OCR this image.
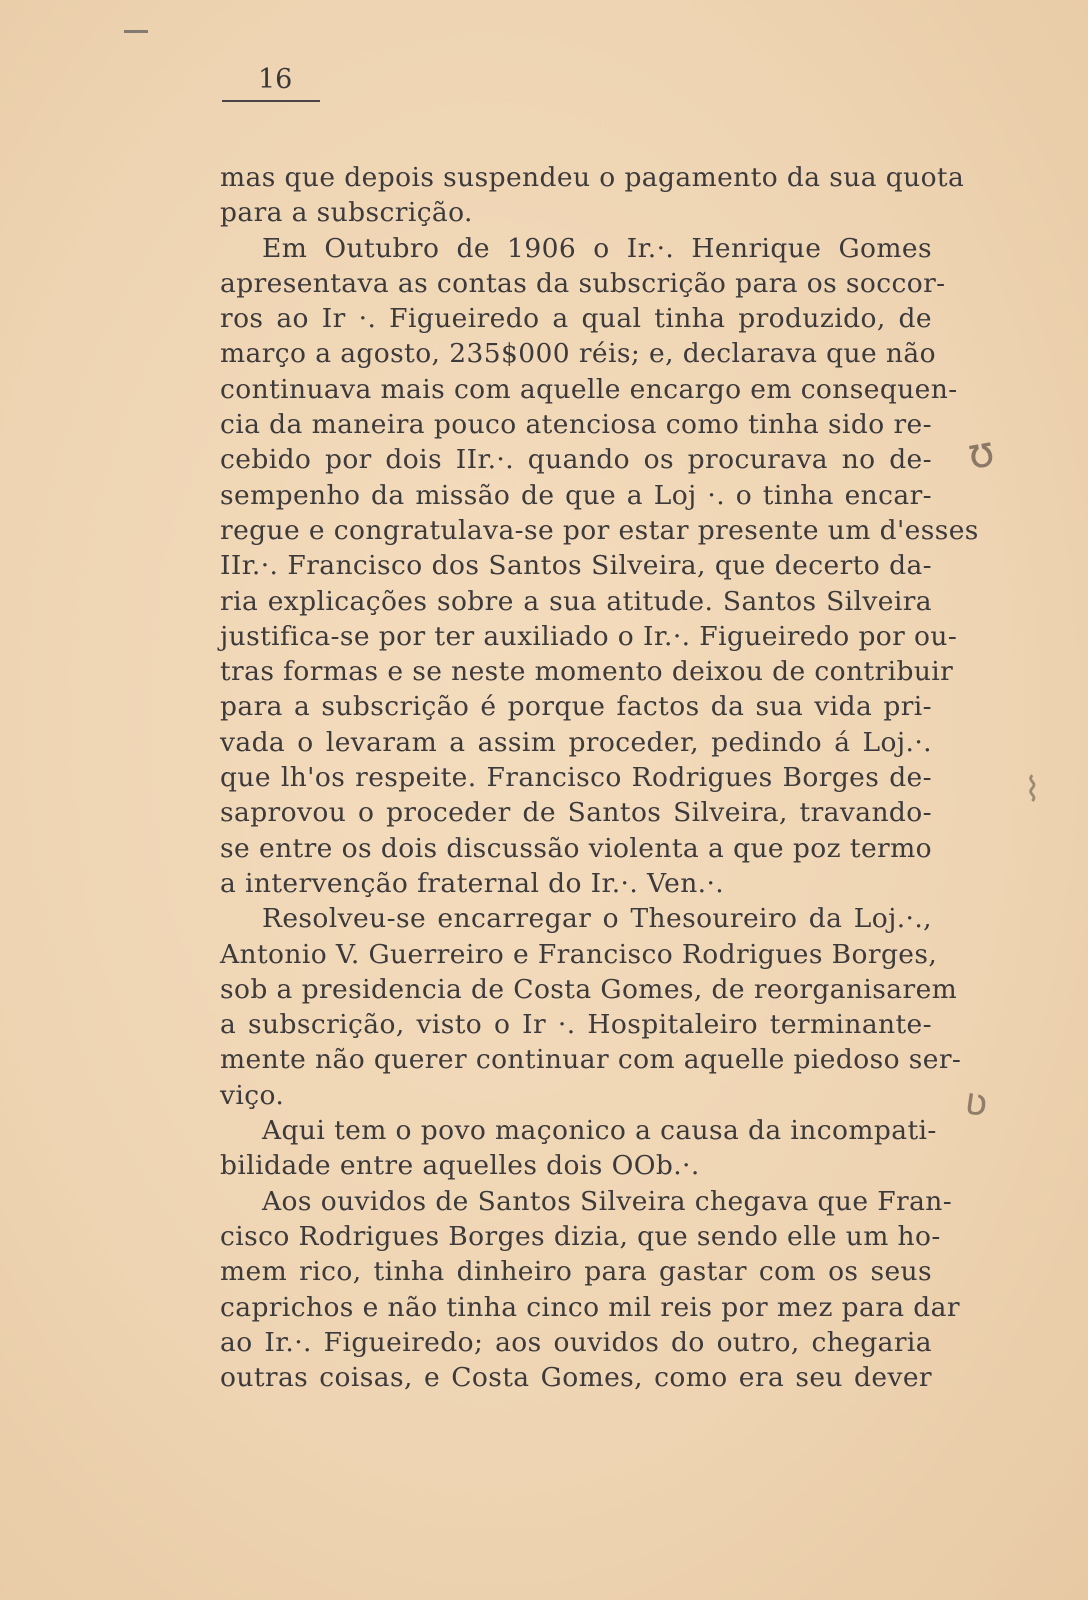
16
mas que depois suspendeu o pagamento da sua quota
para a subscrição.
Em Outubro de 1906 o Ir.·. Henrique Gomes
apresentava as contas da subscrição para os soccor-
ros ao Ir ·. Figueiredo a qual tinha produzido, de
março a agosto, 235$000 réis; e, declarava que não
continuava mais com aquelle encargo em consequen-
cia da maneira pouco atenciosa como tinha sido re-
cebido por dois IIr.·. quando os procurava no de-
sempenho da missão de que a Loj ·. o tinha encar-
regue e congratulava-se por estar presente um d'esses
IIr.·. Francisco dos Santos Silveira, que decerto da-
ria explicações sobre a sua atitude. Santos Silveira
justifica-se por ter auxiliado o Ir.·. Figueiredo por ou-
tras formas e se neste momento deixou de contribuir
para a subscrição é porque factos da sua vida pri-
vada o levaram a assim proceder, pedindo á Loj.·.
que lh'os respeite. Francisco Rodrigues Borges de-
saprovou o proceder de Santos Silveira, travando-
se entre os dois discussão violenta a que poz termo
a intervenção fraternal do Ir.·. Ven.·.
Resolveu-se encarregar o Thesoureiro da Loj.·.,
Antonio V. Guerreiro e Francisco Rodrigues Borges,
sob a presidencia de Costa Gomes, de reorganisarem
a subscrição, visto o Ir ·. Hospitaleiro terminante-
mente não querer continuar com aquelle piedoso ser-
viço.
Aqui tem o povo maçonico a causa da incompati-
bilidade entre aquelles dois OOb.·.
Aos ouvidos de Santos Silveira chegava que Fran-
cisco Rodrigues Borges dizia, que sendo elle um ho-
mem rico, tinha dinheiro para gastar com os seus
caprichos e não tinha cinco mil reis por mez para dar
ao Ir.·. Figueiredo; aos ouvidos do outro, chegaria
outras coisas, e Costa Gomes, como era seu dever
ʊ
⌇
ʋ
